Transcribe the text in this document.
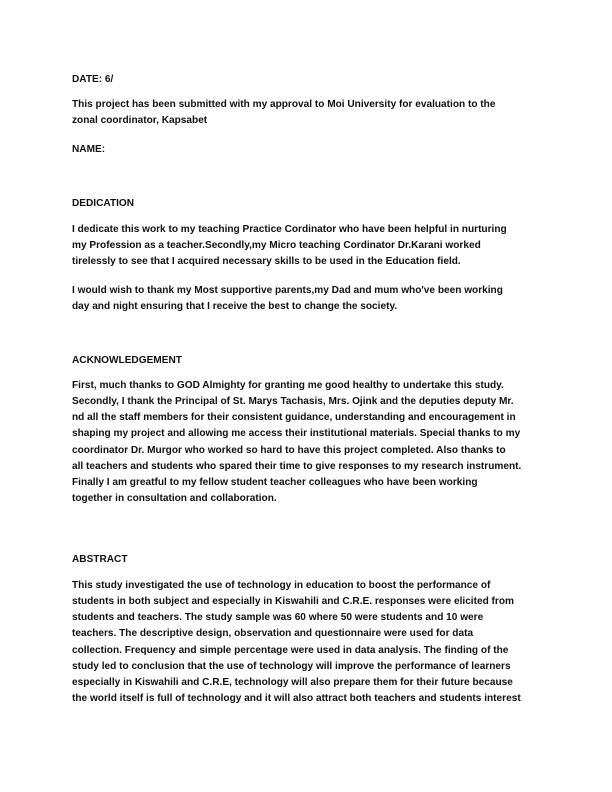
DATE: 6/

This project has been submitted with my approval to Moi University for evaluation to the
zonal coordinator, Kapsabet

NAME:

DEDICATION

I dedicate this work to my teaching Practice Cordinator who have been helpful in nurturing
my Profession as a teacher.Secondly,my Micro teaching Cordinator Dr.Karani worked
tirelessly to see that I acquired necessary skills to be used in the Education field.

I would wish to thank my Most supportive parents,my Dad and mum who've been working
day and night ensuring that I receive the best to change the society.

ACKNOWLEDGEMENT

First, much thanks to GOD Almighty for granting me good healthy to undertake this study.
Secondly, I thank the Principal of St. Marys Tachasis, Mrs. Ojink and the deputies deputy Mr.
nd all the staff members for their consistent guidance, understanding and encouragement in
shaping my project and allowing me access their institutional materials. Special thanks to my
coordinator Dr. Murgor who worked so hard to have this project completed. Also thanks to
all teachers and students who spared their time to give responses to my research instrument.
Finally I am greatful to my fellow student teacher colleagues who have been working
together in consultation and collaboration.

ABSTRACT

This study investigated the use of technology in education to boost the performance of
students in both subject and especially in Kiswahili and C.R.E. responses were elicited from
students and teachers. The study sample was 60 where 50 were students and 10 were
teachers. The descriptive design, observation and questionnaire were used for data
collection. Frequency and simple percentage were used in data analysis. The finding of the
study led to conclusion that the use of technology will improve the performance of learners
especially in Kiswahili and C.R.E, technology will also prepare them for their future because
the world itself is full of technology and it will also attract both teachers and students interest
